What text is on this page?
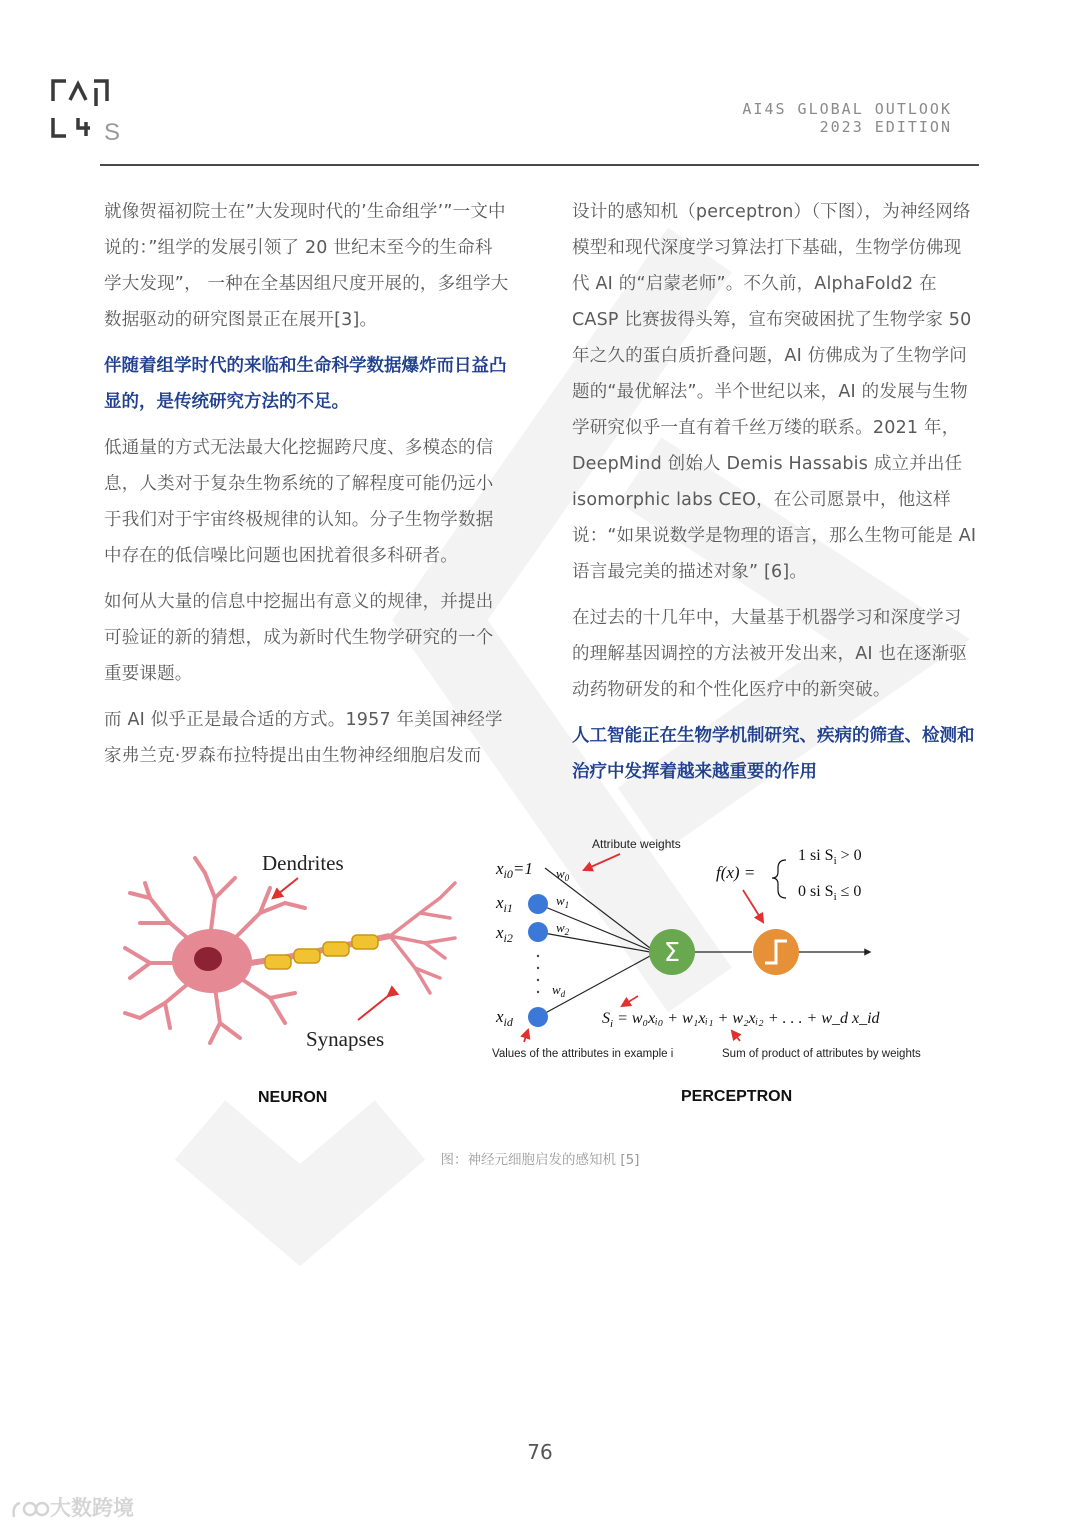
S
AI4S GLOBAL OUTLOOK
2023 EDITION

就像贺福初院士在”大发现时代的’生命组学’”一文中说的：”组学的发展引领了 20 世纪末至今的生命科学大发现”， 一种在全基因组尺度开展的，多组学大数据驱动的研究图景正在展开[3]。

伴随着组学时代的来临和生命科学数据爆炸而日益凸显的，是传统研究方法的不足。

低通量的方式无法最大化挖掘跨尺度、多模态的信息，人类对于复杂生物系统的了解程度可能仍远小于我们对于宇宙终极规律的认知。分子生物学数据中存在的低信噪比问题也困扰着很多科研者。

如何从大量的信息中挖掘出有意义的规律，并提出可验证的新的猜想，成为新时代生物学研究的一个重要课题。

而 AI 似乎正是最合适的方式。1957 年美国神经学家弗兰克·罗森布拉特提出由生物神经细胞启发而

设计的感知机（perceptron）（下图），为神经网络模型和现代深度学习算法打下基础，生物学仿佛现代 AI 的“启蒙老师”。不久前，AlphaFold2 在 CASP 比赛拔得头筹，宣布突破困扰了生物学家 50 年之久的蛋白质折叠问题，AI 仿佛成为了生物学问题的“最优解法”。半个世纪以来，AI 的发展与生物学研究似乎一直有着千丝万缕的联系。2021 年，DeepMind 创始人 Demis Hassabis 成立并出任 isomorphic labs CEO，在公司愿景中，他这样说：“如果说数学是物理的语言，那么生物可能是 AI 语言最完美的描述对象” [6]。

在过去的十几年中，大量基于机器学习和深度学习的理解基因调控的方法被开发出来，AI 也在逐渐驱动药物研发的和个性化医疗中的新突破。

人工智能正在生物学机制研究、疾病的筛查、检测和治疗中发挥着越来越重要的作用

Dendrites
Synapses
NEURON
Attribute weights
$x_{i0}=1$
$x_{i1}$
$x_{i2}$
$x_{id}$
$w_0$
$w_1$
$w_2$
$w_d$
Σ
f(x) =
1 si $S_i > 0$
0 si $S_i \le 0$
$S_i$ = w₀xᵢ₀ + w₁xᵢ₁ + w₂xᵢ₂ + . . . + w_d x_id
Values of the attributes in example i	Sum of product of attributes by weights
PERCEPTRON
图：神经元细胞启发的感知机 [5]
76
大数跨境
